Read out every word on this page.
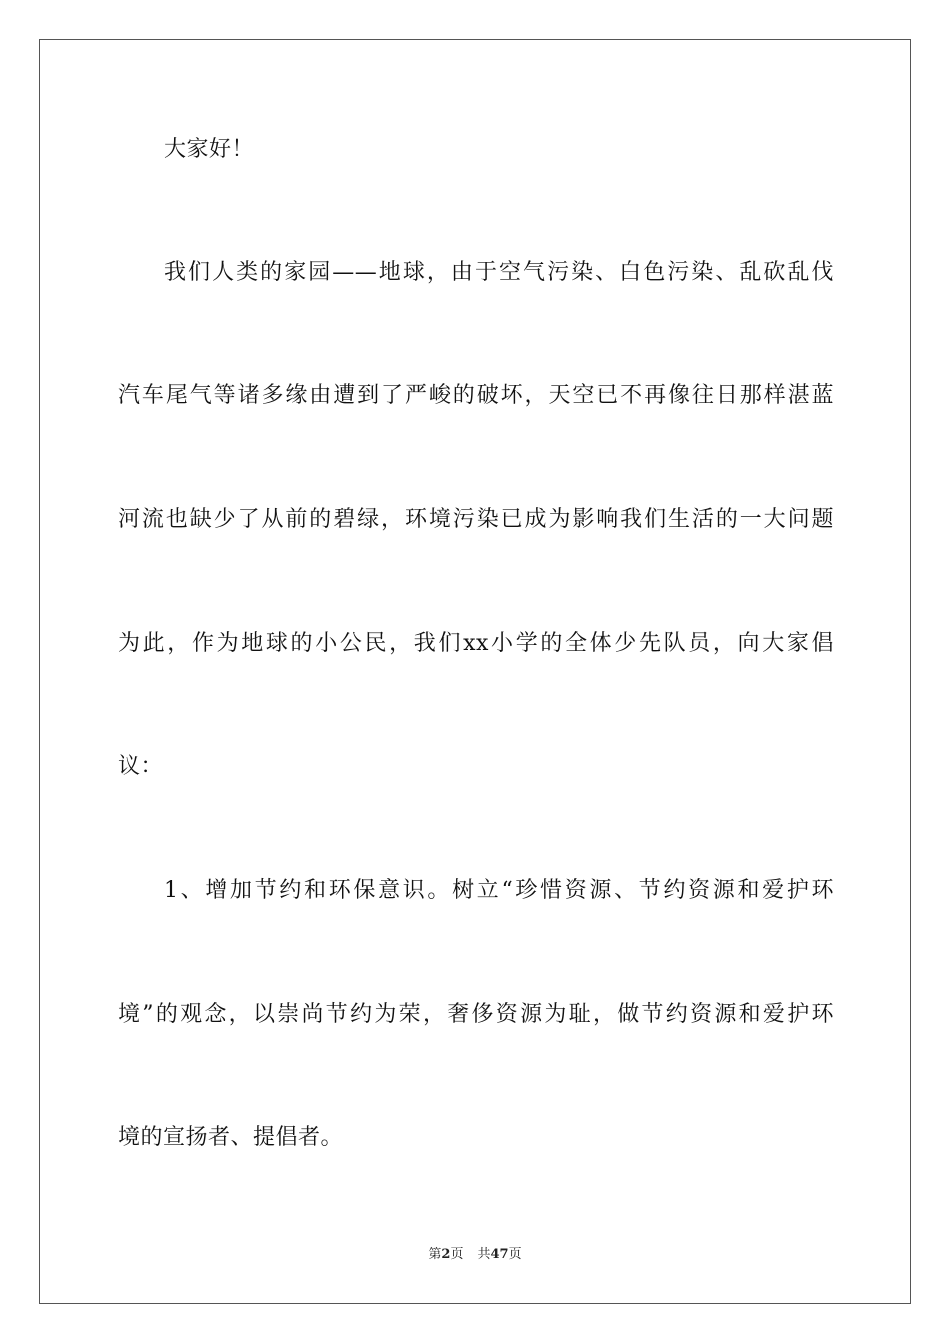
大家好！
我们人类的家园——地球，由于空气污染、白色污染、乱砍乱伐
汽车尾气等诸多缘由遭到了严峻的破坏，天空已不再像往日那样湛蓝
河流也缺少了从前的碧绿，环境污染已成为影响我们生活的一大问题
为此，作为地球的小公民，我们xx小学的全体少先队员，向大家倡
议：
1、增加节约和环保意识。树立“珍惜资源、节约资源和爱护环
境”的观念，以崇尚节约为荣，奢侈资源为耻，做节约资源和爱护环
境的宣扬者、提倡者。
第2页 共47页
